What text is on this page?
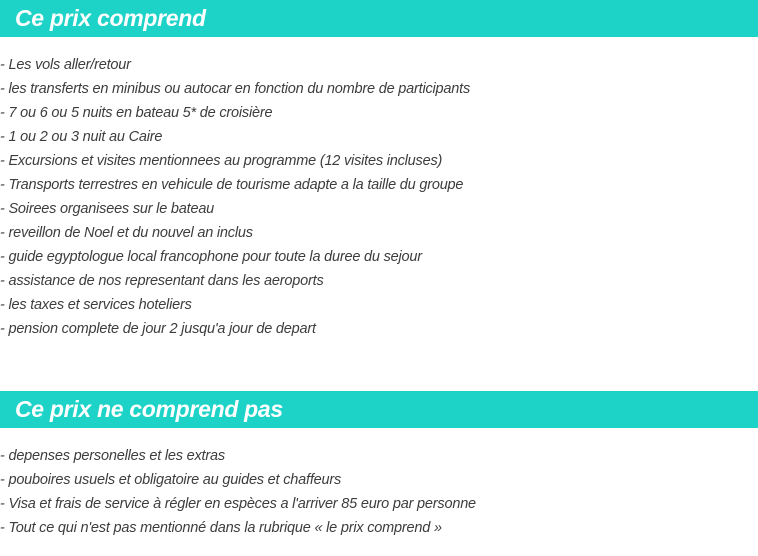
Ce prix comprend
- Les vols aller/retour
- les transferts en minibus ou autocar en fonction du nombre de participants
- 7 ou 6 ou 5 nuits en bateau 5* de croisière
- 1 ou 2 ou 3 nuit au Caire
- Excursions et visites mentionnees au programme (12 visites incluses)
- Transports terrestres en vehicule de tourisme adapte a la taille du groupe
- Soirees organisees sur le bateau
- reveillon de Noel et du nouvel an inclus
- guide egyptologue local francophone pour toute la duree du sejour
- assistance de nos representant dans les aeroports
- les taxes et services hoteliers
- pension complete de jour 2 jusqu'a jour de depart
Ce prix ne comprend pas
- depenses personelles et les extras
- pouboires usuels et obligatoire au guides et chaffeurs
- Visa et frais de service à régler en espèces a l'arriver 85 euro par personne
- Tout ce qui n'est pas mentionné dans la rubrique « le prix comprend »
